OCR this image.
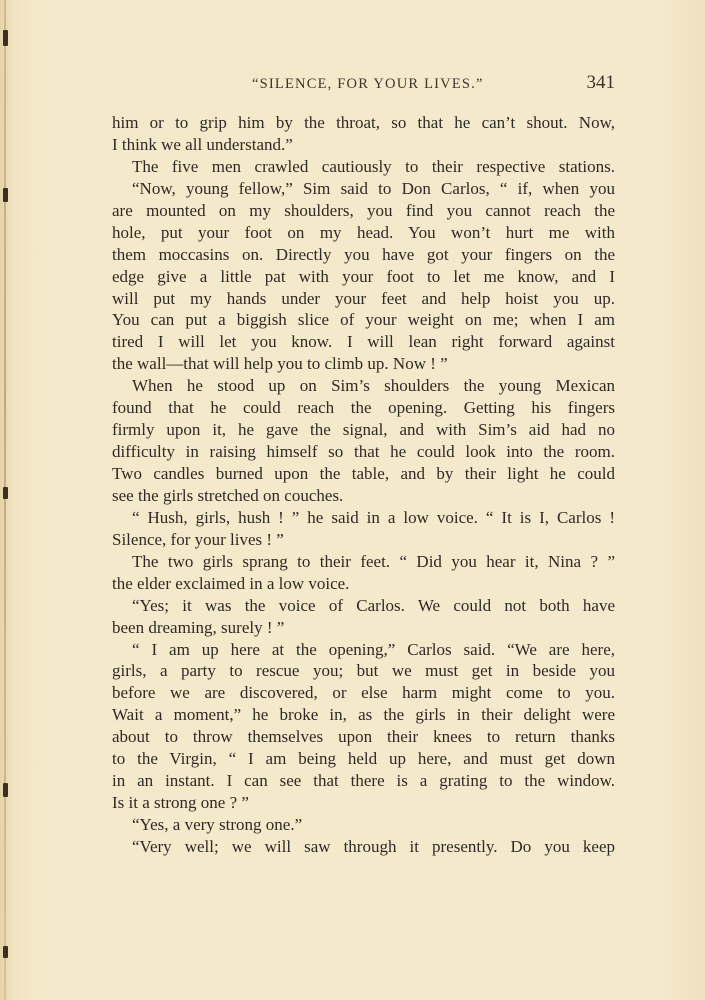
“SILENCE, FOR YOUR LIVES.”	341
him or to grip him by the throat, so that he can’t shout. Now,
I think we all understand.”
The five men crawled cautiously to their respective stations.
“Now, young fellow,” Sim said to Don Carlos, “ if, when you
are mounted on my shoulders, you find you cannot reach the
hole, put your foot on my head. You won’t hurt me with
them moccasins on. Directly you have got your fingers on the
edge give a little pat with your foot to let me know, and I
will put my hands under your feet and help hoist you up.
You can put a biggish slice of your weight on me; when I am
tired I will let you know. I will lean right forward against
the wall—that will help you to climb up. Now ! ”
When he stood up on Sim’s shoulders the young Mexican
found that he could reach the opening. Getting his fingers
firmly upon it, he gave the signal, and with Sim’s aid had no
difficulty in raising himself so that he could look into the room.
Two candles burned upon the table, and by their light he could
see the girls stretched on couches.
“ Hush, girls, hush ! ” he said in a low voice. “ It is I, Carlos !
Silence, for your lives ! ”
The two girls sprang to their feet. “ Did you hear it, Nina ? ”
the elder exclaimed in a low voice.
“Yes; it was the voice of Carlos. We could not both have
been dreaming, surely ! ”
“ I am up here at the opening,” Carlos said. “We are here,
girls, a party to rescue you; but we must get in beside you
before we are discovered, or else harm might come to you.
Wait a moment,” he broke in, as the girls in their delight were
about to throw themselves upon their knees to return thanks
to the Virgin, “ I am being held up here, and must get down
in an instant. I can see that there is a grating to the window.
Is it a strong one ? ”
“Yes, a very strong one.”
“Very well; we will saw through it presently. Do you keep
